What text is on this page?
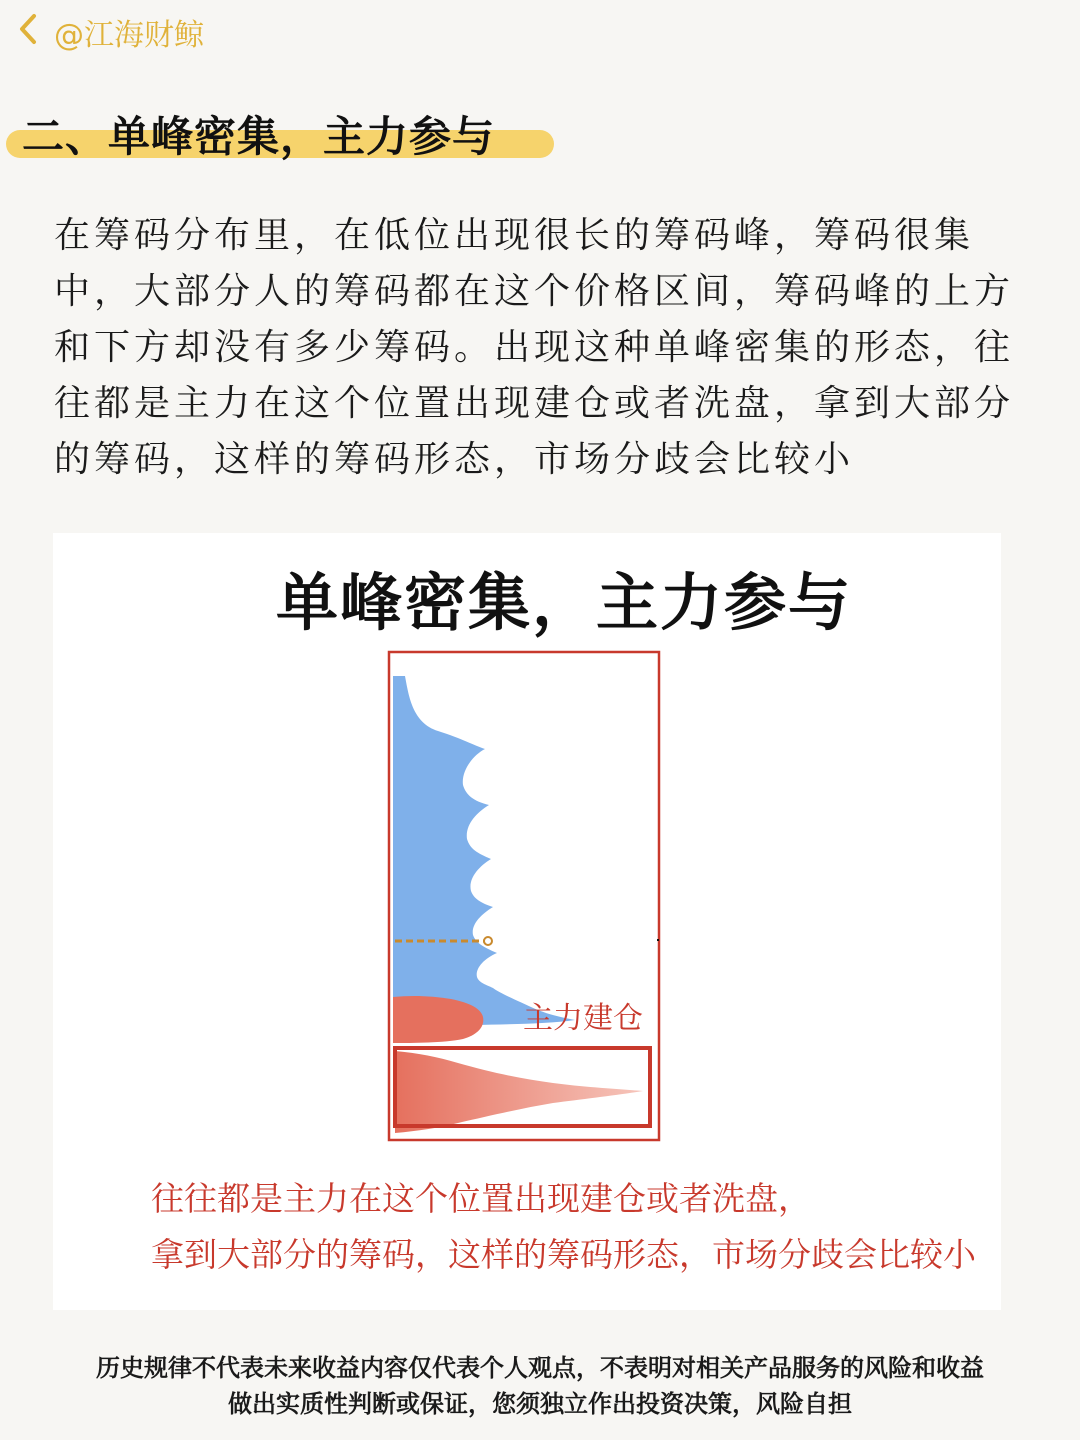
@江海财鲸
二、单峰密集，主力参与

在筹码分布里，在低位出现很长的筹码峰，筹码很集中，大部分人的筹码都在这个价格区间，筹码峰的上方和下方却没有多少筹码。出现这种单峰密集的形态，往往都是主力在这个位置出现建仓或者洗盘，拿到大部分的筹码，这样的筹码形态，市场分歧会比较小

单峰密集，主力参与
主力建仓
往往都是主力在这个位置出现建仓或者洗盘，
拿到大部分的筹码，这样的筹码形态，市场分歧会比较小
历史规律不代表未来收益内容仅代表个人观点，不表明对相关产品服务的风险和收益
做出实质性判断或保证，您须独立作出投资决策，风险自担
